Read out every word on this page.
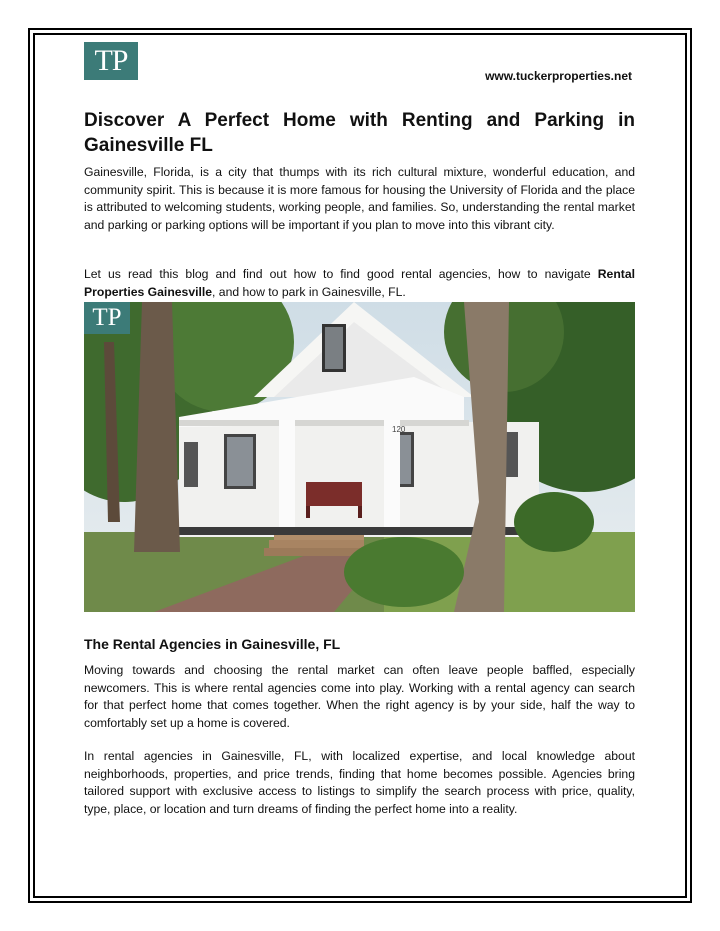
TP	www.tuckerproperties.net
Discover A Perfect Home with Renting and Parking in Gainesville FL

Gainesville, Florida, is a city that thumps with its rich cultural mixture, wonderful education, and community spirit. This is because it is more famous for housing the University of Florida and the place is attributed to welcoming students, working people, and families. So, understanding the rental market and parking or parking options will be important if you plan to move into this vibrant city.

Let us read this blog and find out how to find good rental agencies, how to navigate Rental Properties Gainesville, and how to park in Gainesville, FL.

120
TP
The Rental Agencies in Gainesville, FL

Moving towards and choosing the rental market can often leave people baffled, especially newcomers. This is where rental agencies come into play. Working with a rental agency can search for that perfect home that comes together. When the right agency is by your side, half the way to comfortably set up a home is covered.

In rental agencies in Gainesville, FL, with localized expertise, and local knowledge about neighborhoods, properties, and price trends, finding that home becomes possible. Agencies bring tailored support with exclusive access to listings to simplify the search process with price, quality, type, place, or location and turn dreams of finding the perfect home into a reality.
